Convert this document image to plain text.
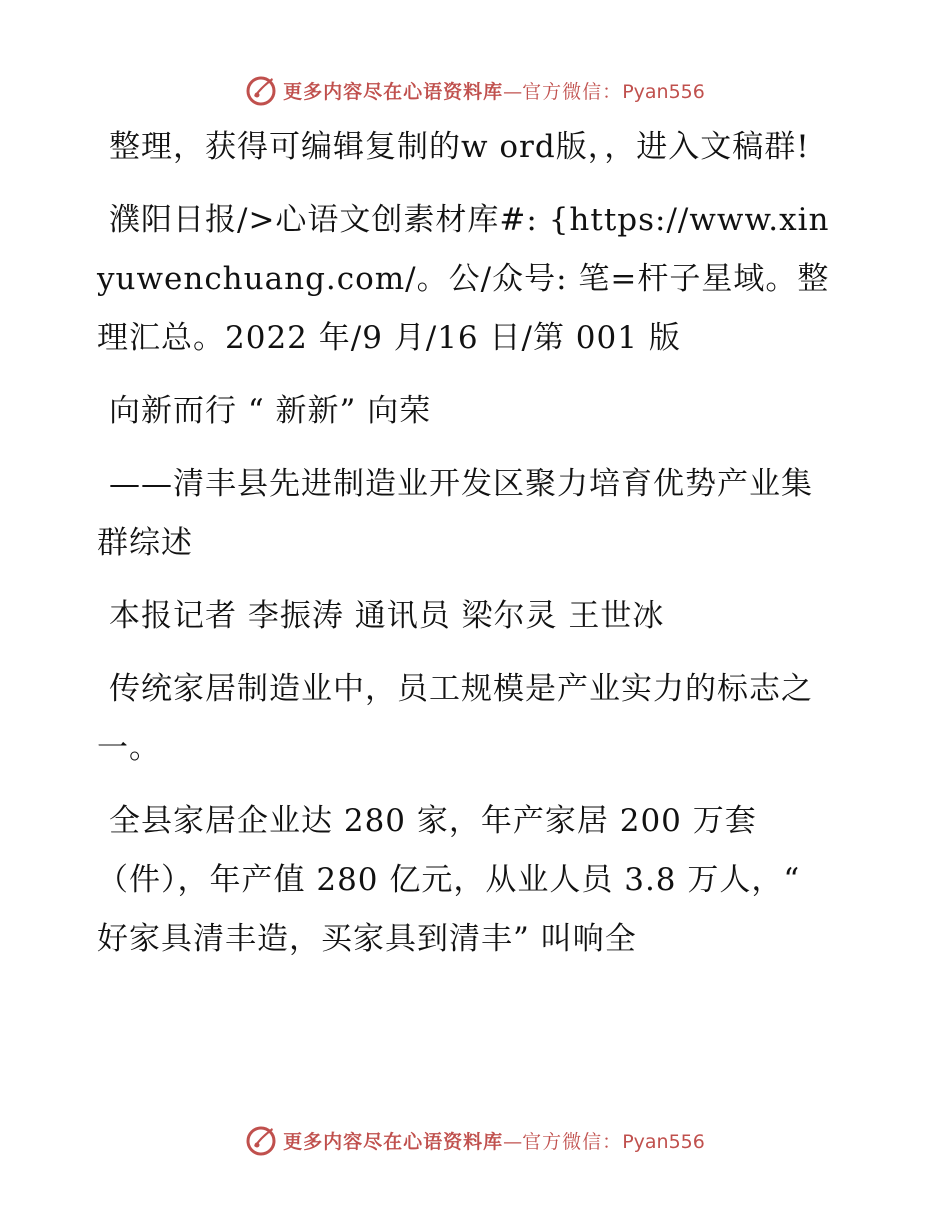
更多内容尽在心语资料库—官方微信：Pyan556

整理，获得可编辑复制的w ord版，，进入文稿群!

濮阳日报/>心语文创素材库#: {https://www.xinyuwenchuang.com/。公/众号: 笔=杆子星域。整理汇总。2022 年/9 月/16 日/第 001 版

向新而行 “ 新新” 向荣

——清丰县先进制造业开发区聚力培育优势产业集群综述

本报记者 李振涛 通讯员 梁尔灵 王世冰

传统家居制造业中，员工规模是产业实力的标志之一。

全县家居企业达 280 家，年产家居 200 万套（件），年产值 280 亿元，从业人员 3.8 万人，“ 好家具清丰造，买家具到清丰” 叫响全

更多内容尽在心语资料库—官方微信：Pyan556
